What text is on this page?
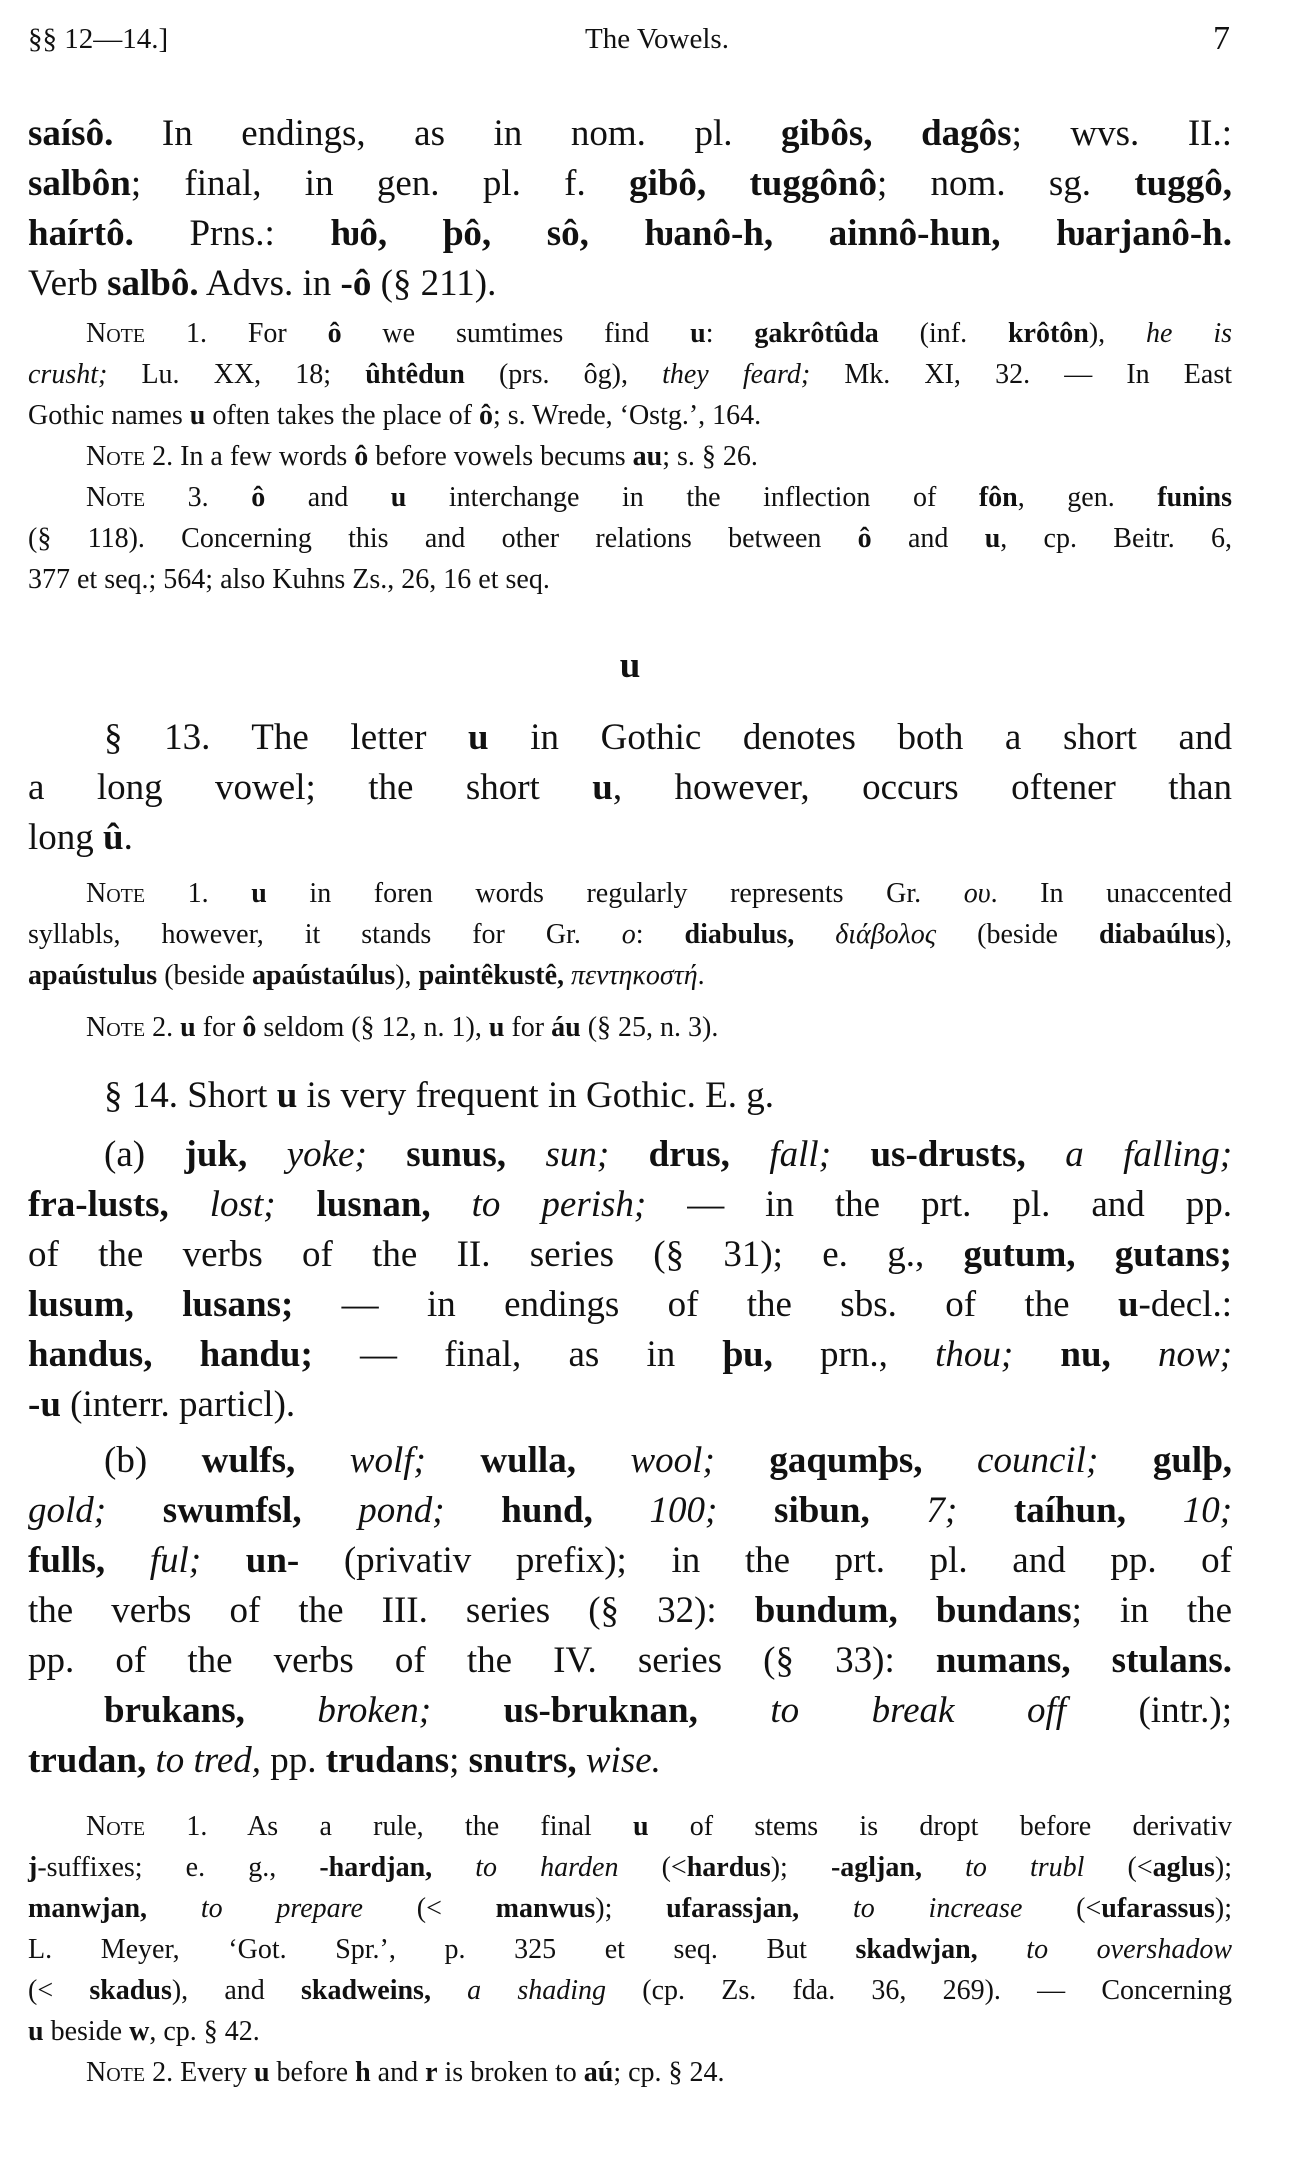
§§ 12—14.]	The Vowels.	7
saísô. In endings, as in nom. pl. gibôs, dagôs; wvs. II.:
salbôn; final, in gen. pl. f. gibô, tuggônô; nom. sg. tuggô,
haírtô. Prns.: ƕô, þô, sô, ƕanô-h, ainnô-hun, ƕarjanô-h.
Verb salbô. Advs. in -ô (§ 211).
Note 1. For ô we sumtimes find u: gakrôtûda (inf. krôtôn), he is
crusht; Lu. XX, 18; ûhtêdun (prs. ôg), they feard; Mk. XI, 32. — In East
Gothic names u often takes the place of ô; s. Wrede, ‘Ostg.’, 164.
Note 2. In a few words ô before vowels becums au; s. § 26.
Note 3. ô and u interchange in the inflection of fôn, gen. funins
(§ 118). Concerning this and other relations between ô and u, cp. Beitr. 6,
377 et seq.; 564; also Kuhns Zs., 26, 16 et seq.
u
§ 13. The letter u in Gothic denotes both a short and
a long vowel; the short u, however, occurs oftener than
long û.
Note 1. u in foren words regularly represents Gr. ου. In unaccented
syllabls, however, it stands for Gr. ο: diabulus, διάβολος (beside diabaúlus),
apaústulus (beside apaústaúlus), paintêkustê, πεντηκοστή.
Note 2. u for ô seldom (§ 12, n. 1), u for áu (§ 25, n. 3).
§ 14. Short u is very frequent in Gothic. E. g.
(a) juk, yoke; sunus, sun; drus, fall; us-drusts, a falling;
fra-lusts, lost; lusnan, to perish; — in the prt. pl. and pp.
of the verbs of the II. series (§ 31); e. g., gutum, gutans;
lusum, lusans; — in endings of the sbs. of the u-decl.:
handus, handu; — final, as in þu, prn., thou; nu, now;
-u (interr. particl).
(b) wulfs, wolf; wulla, wool; gaqumþs, council; gulþ,
gold; swumfsl, pond; hund, 100; sibun, 7; taíhun, 10;
fulls, ful; un- (privativ prefix); in the prt. pl. and pp. of
the verbs of the III. series (§ 32): bundum, bundans; in the
pp. of the verbs of the IV. series (§ 33): numans, stulans.
brukans, broken; us-bruknan, to break off (intr.);
trudan, to tred, pp. trudans; snutrs, wise.
Note 1. As a rule, the final u of stems is dropt before derivativ
j-suffixes; e. g., -hardjan, to harden (<hardus); -agljan, to trubl (<aglus);
manwjan, to prepare (< manwus); ufarassjan, to increase (<ufarassus);
L. Meyer, ‘Got. Spr.’, p. 325 et seq. But skadwjan, to overshadow
(< skadus), and skadweins, a shading (cp. Zs. fda. 36, 269). — Concerning
u beside w, cp. § 42.
Note 2. Every u before h and r is broken to aú; cp. § 24.
